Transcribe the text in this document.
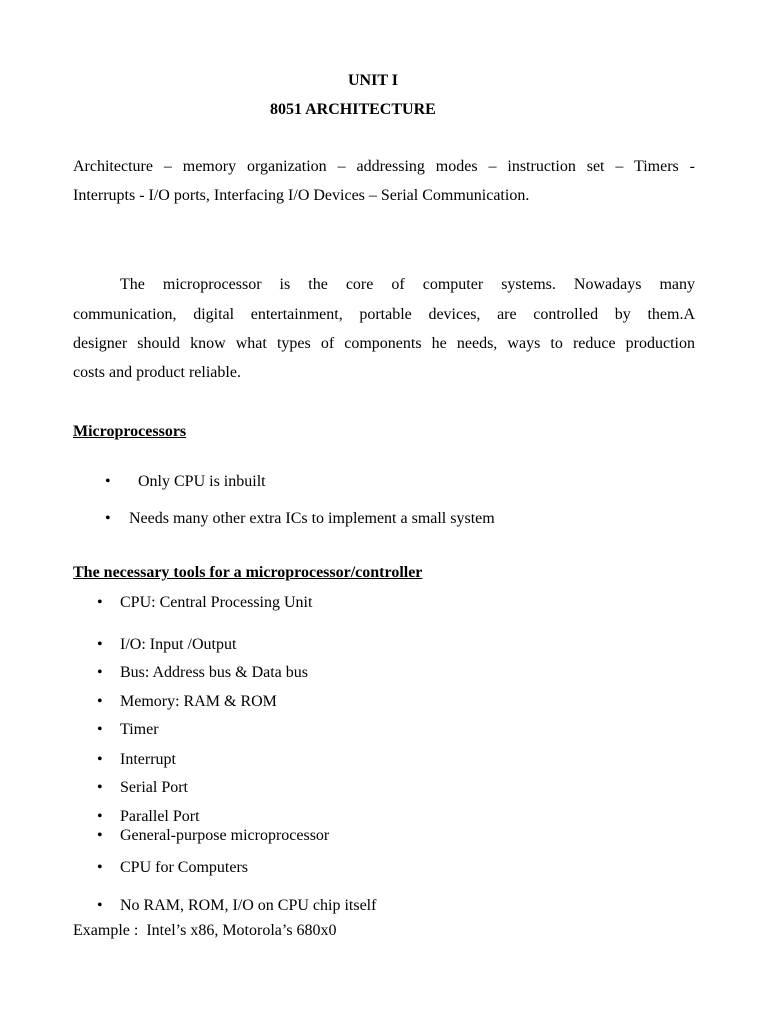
UNIT I
8051 ARCHITECTURE
Architecture – memory organization – addressing modes – instruction set – Timers -
Interrupts - I/O ports, Interfacing I/O Devices – Serial Communication.
The microprocessor is the core of computer systems. Nowadays many
communication, digital entertainment, portable devices, are controlled by them.A
designer should know what types of components he needs, ways to reduce production
costs and product reliable.
Microprocessors
• Only CPU is inbuilt
• Needs many other extra ICs to implement a small system
The necessary tools for a microprocessor/controller
• CPU: Central Processing Unit
• I/O: Input /Output
• Bus: Address bus & Data bus
• Memory: RAM & ROM
• Timer
• Interrupt
• Serial Port
• Parallel Port
• General-purpose microprocessor
• CPU for Computers
• No RAM, ROM, I/O on CPU chip itself
Example :  Intel’s x86, Motorola’s 680x0
